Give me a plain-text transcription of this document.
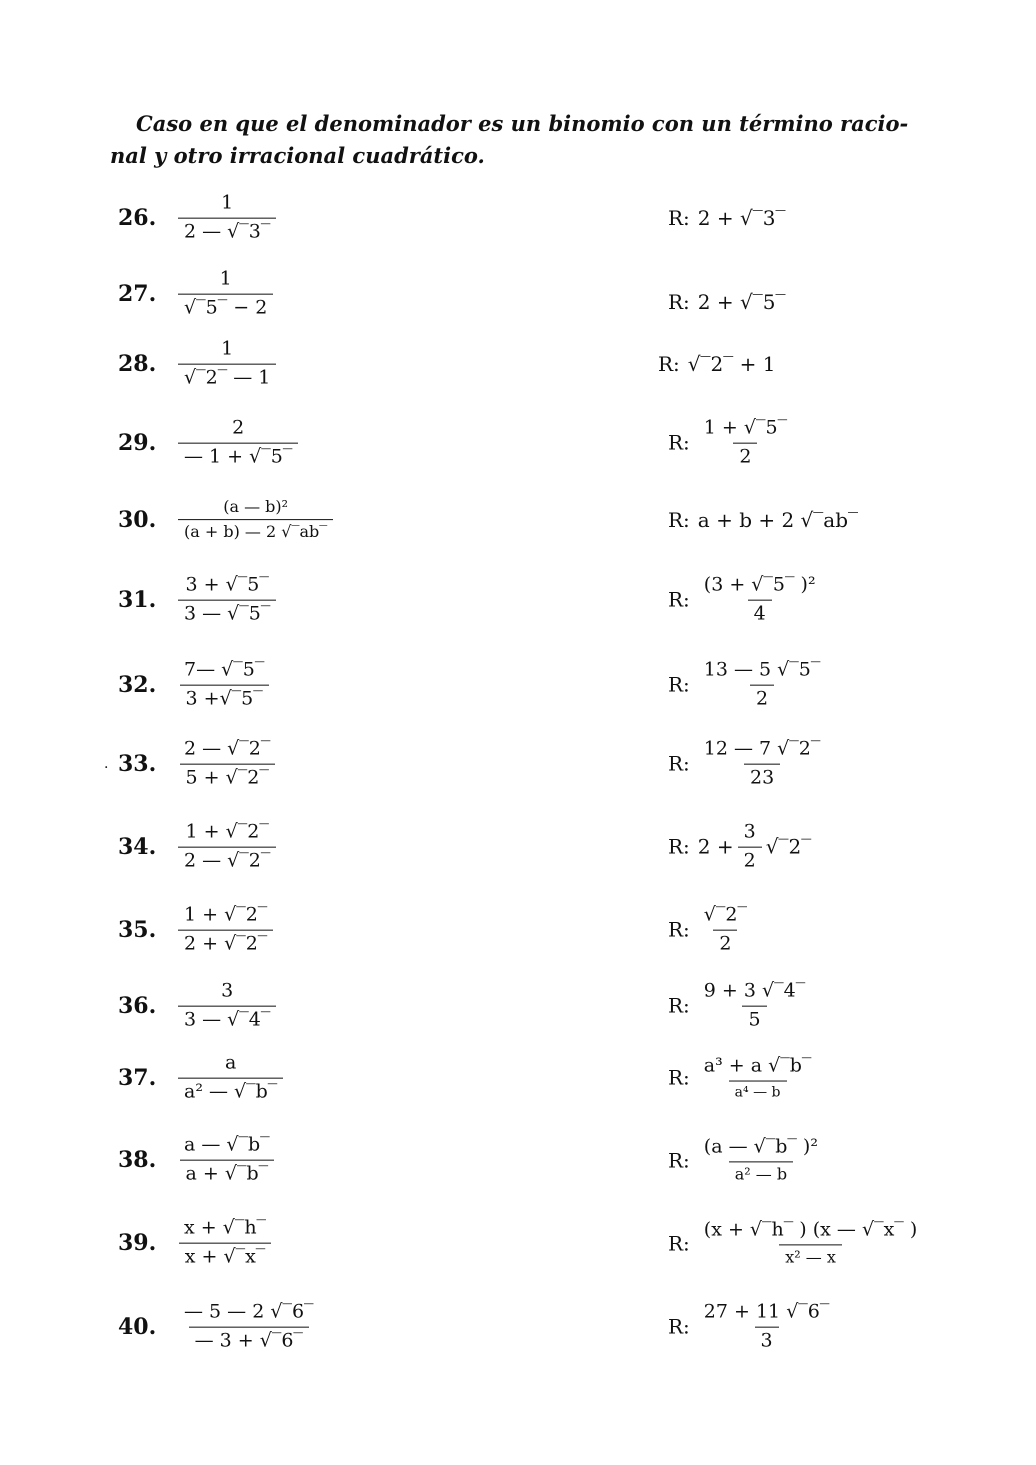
Caso en que el denominador es un binomio con un término racio-
nal y otro irracional cuadrático.

·
26.	$\frac{1}{2 — √‾3‾}$	R: 2 + √‾3‾
27.	$\frac{1}{√‾5‾ - 2}$	R: 2 + √‾5‾
28.	$\frac{1}{√‾2‾ — 1}$	R: √‾2‾ + 1
29.	$\frac{2}{— 1 + √‾5‾}$	R: $\frac{1 + √‾5‾}{2}$
30.	$\frac{\text{(a — b)²}}{(a + b) — 2 √‾ab‾}$	R: a + b + 2 √‾ab‾
31.	$\frac{3 + √‾5‾}{3 — √‾5‾}$	R: $\frac{\text{(3 + √‾5‾ )²}}{4}$
32.	$\frac{7— √‾5‾}{3 +√‾5‾}$	R: $\frac{13 — 5 √‾5‾}{2}$
33.	$\frac{2 — √‾2‾}{5 + √‾2‾}$	R: $\frac{12 — 7 √‾2‾}{23}$
34.	$\frac{1 + √‾2‾}{2 — √‾2‾}$	R: $2 + \frac{3}{2}$ √‾2‾
35.	$\frac{1 + √‾2‾}{2 + √‾2‾}$	R: $\frac{√‾2‾}{2}$
36.	$\frac{3}{3 — √‾4‾}$	R: $\frac{9 + 3 √‾4‾}{5}$
37.	$\frac{a}{\text{a² — √‾b‾}}$	R: $\frac{\text{a³ + a √‾b‾}}{\text{a⁴ — b}}$
38.	$\frac{a — √‾b‾}{a + √‾b‾}$	R: $\frac{\text{(a — √‾b‾ )²}}{\text{a² — b}}$
39.	$\frac{x + √‾h‾}{x + √‾x‾}$	R: $\frac{(x + √‾h‾ ) (x — √‾x‾ )}{\text{x² — x}}$
40.	$\frac{— 5 — 2 √‾6‾}{— 3 + √‾6‾}$	R: $\frac{27 + 11 √‾6‾}{3}$
